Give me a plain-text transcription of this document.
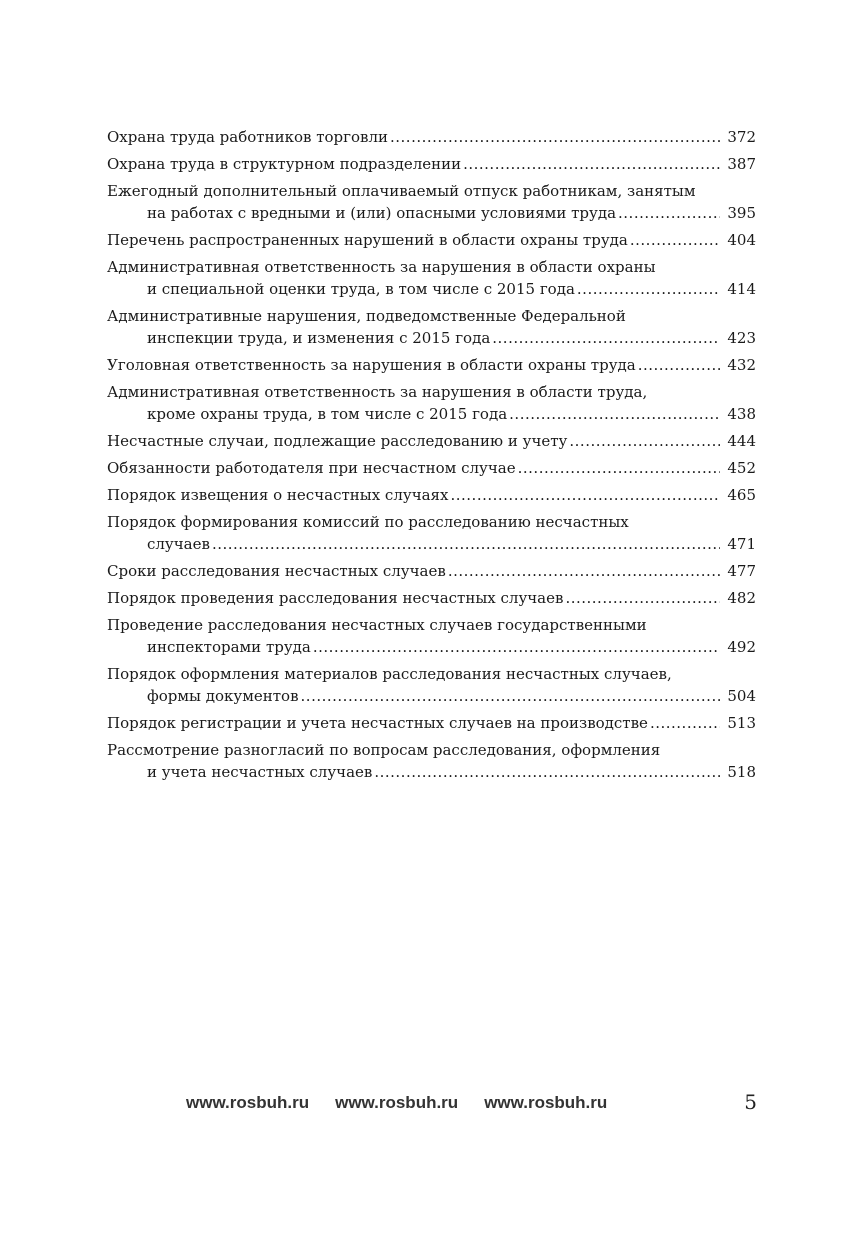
Охрана труда работников торговли .....	372
Охрана труда в структурном подразделении .....	387
Ежегодный дополнительный оплачиваемый отпуск работникам, занятым
на работах с вредными и (или) опасными условиями труда .....	395
Перечень распространенных нарушений в области охраны труда .....	404
Административная ответственность за нарушения в области охраны
и специальной оценки труда, в том числе с 2015 года .....	414
Административные нарушения, подведомственные Федеральной
инспекции труда, и изменения с 2015 года .....	423
Уголовная ответственность за нарушения в области охраны труда .....	432
Административная ответственность за нарушения в области труда,
кроме охраны труда, в том числе с 2015 года .....	438
Несчастные случаи, подлежащие расследованию и учету .....	444
Обязанности работодателя при несчастном случае .....	452
Порядок извещения о несчастных случаях .....	465
Порядок формирования комиссий по расследованию несчастных
случаев .....	471
Сроки расследования несчастных случаев .....	477
Порядок проведения расследования несчастных случаев .....	482
Проведение расследования несчастных случаев государственными
инспекторами труда .....	492
Порядок оформления материалов расследования несчастных случаев,
формы документов .....	504
Порядок регистрации и учета несчастных случаев на производстве .....	513
Рассмотрение разногласий по вопросам расследования, оформления
и учета несчастных случаев .....	518
www.rosbuh.ru www.rosbuh.ru www.rosbuh.ru	5
